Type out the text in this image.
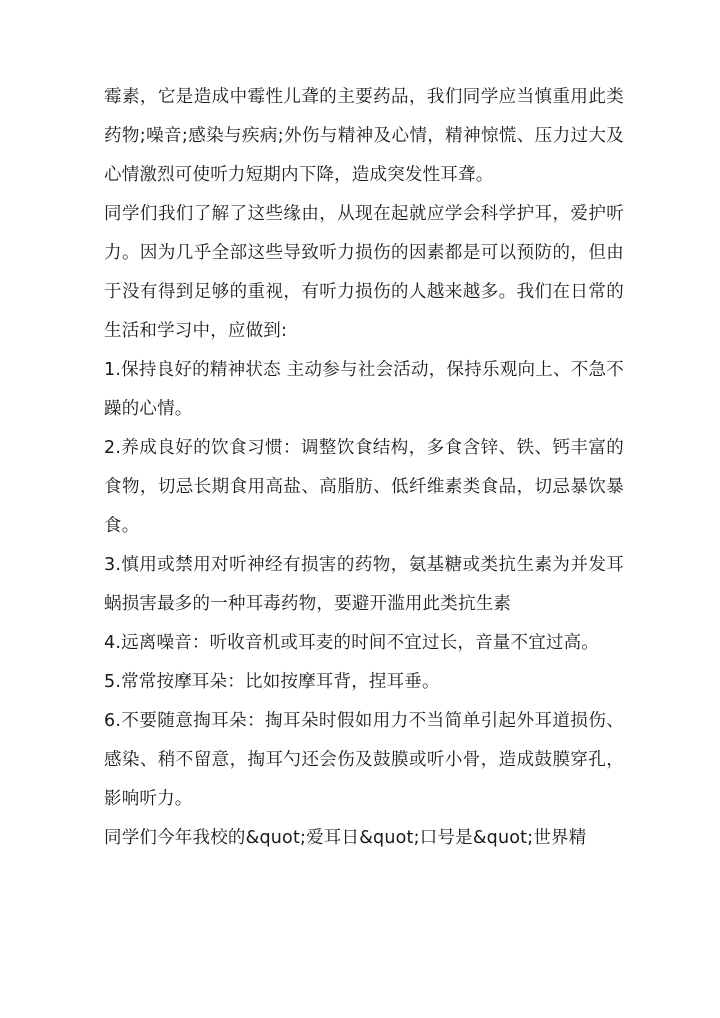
霉素，它是造成中霉性儿聋的主要药品，我们同学应当慎重用此类药物;噪音;感染与疾病;外伤与精神及心情，精神惊慌、压力过大及心情激烈可使听力短期内下降，造成突发性耳聋。

同学们我们了解了这些缘由，从现在起就应学会科学护耳，爱护听力。因为几乎全部这些导致听力损伤的因素都是可以预防的，但由于没有得到足够的重视，有听力损伤的人越来越多。我们在日常的生活和学习中，应做到:

1.保持良好的精神状态 主动参与社会活动，保持乐观向上、不急不躁的心情。

2.养成良好的饮食习惯：调整饮食结构，多食含锌、铁、钙丰富的食物，切忌长期食用高盐、高脂肪、低纤维素类食品，切忌暴饮暴食。

3.慎用或禁用对听神经有损害的药物，氨基糖或类抗生素为并发耳蜗损害最多的一种耳毒药物，要避开滥用此类抗生素

4.远离噪音：听收音机或耳麦的时间不宜过长，音量不宜过高。

5.常常按摩耳朵：比如按摩耳背，捏耳垂。

6.不要随意掏耳朵：掏耳朵时假如用力不当简单引起外耳道损伤、感染、稍不留意，掏耳勺还会伤及鼓膜或听小骨，造成鼓膜穿孔，影响听力。

同学们今年我校的&quot;爱耳日&quot;口号是&quot;世界精
